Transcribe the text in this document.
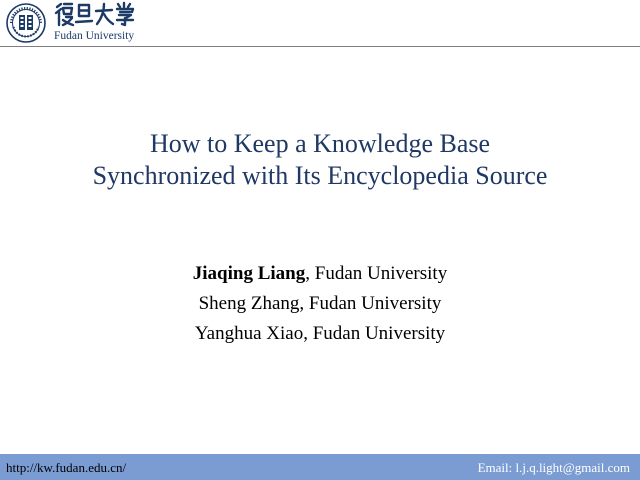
Fudan University
How to Keep a Knowledge Base
Synchronized with Its Encyclopedia Source
Jiaqing Liang, Fudan University
Sheng Zhang, Fudan University
Yanghua Xiao, Fudan University
http://kw.fudan.edu.cn/	Email: l.j.q.light@gmail.com
